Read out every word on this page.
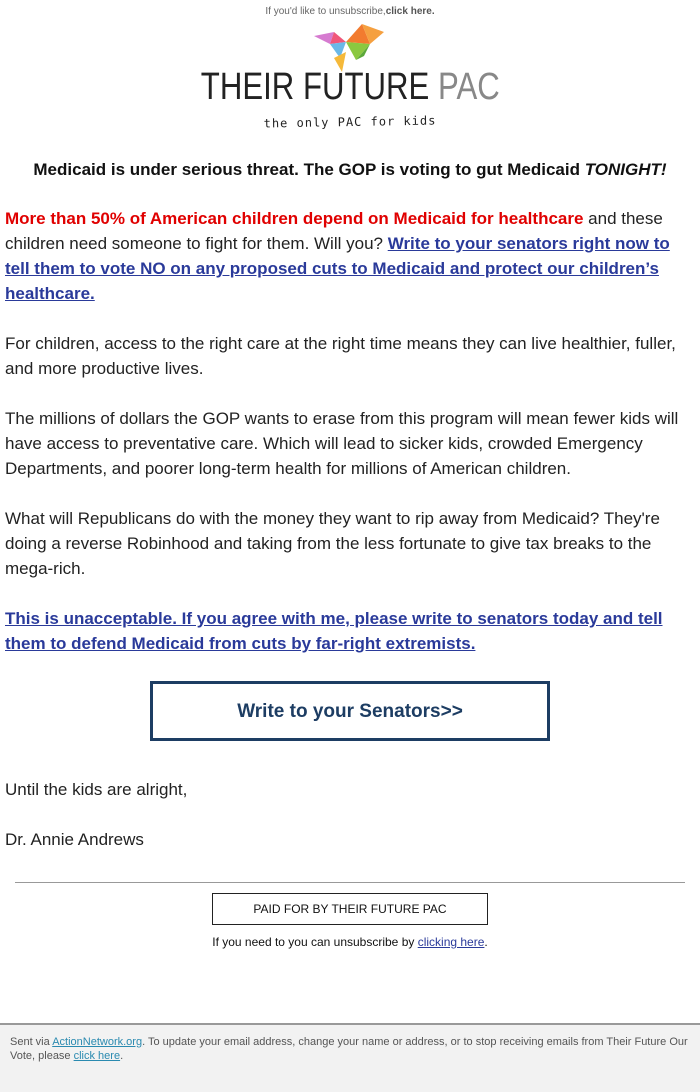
If you'd like to unsubscribe,click here.
THEIR FUTURE PAC
the only PAC for kids
Medicaid is under serious threat. The GOP is voting to gut Medicaid TONIGHT!

More than 50% of American children depend on Medicaid for healthcare and these children need someone to fight for them. Will you? Write to your senators right now to tell them to vote NO on any proposed cuts to Medicaid and protect our children’s healthcare.

For children, access to the right care at the right time means they can live healthier, fuller, and more productive lives.

The millions of dollars the GOP wants to erase from this program will mean fewer kids will have access to preventative care. Which will lead to sicker kids, crowded Emergency Departments, and poorer long-term health for millions of American children.

What will Republicans do with the money they want to rip away from Medicaid? They're doing a reverse Robinhood and taking from the less fortunate to give tax breaks to the mega-rich.

This is unacceptable. If you agree with me, please write to senators today and tell them to defend Medicaid from cuts by far-right extremists.

Write to your Senators>>

Until the kids are alright,

Dr. Annie Andrews

PAID FOR BY THEIR FUTURE PAC
If you need to you can unsubscribe by clicking here.
Sent via ActionNetwork.org. To update your email address, change your name or address, or to stop receiving emails from Their Future Our Vote, please click here.
